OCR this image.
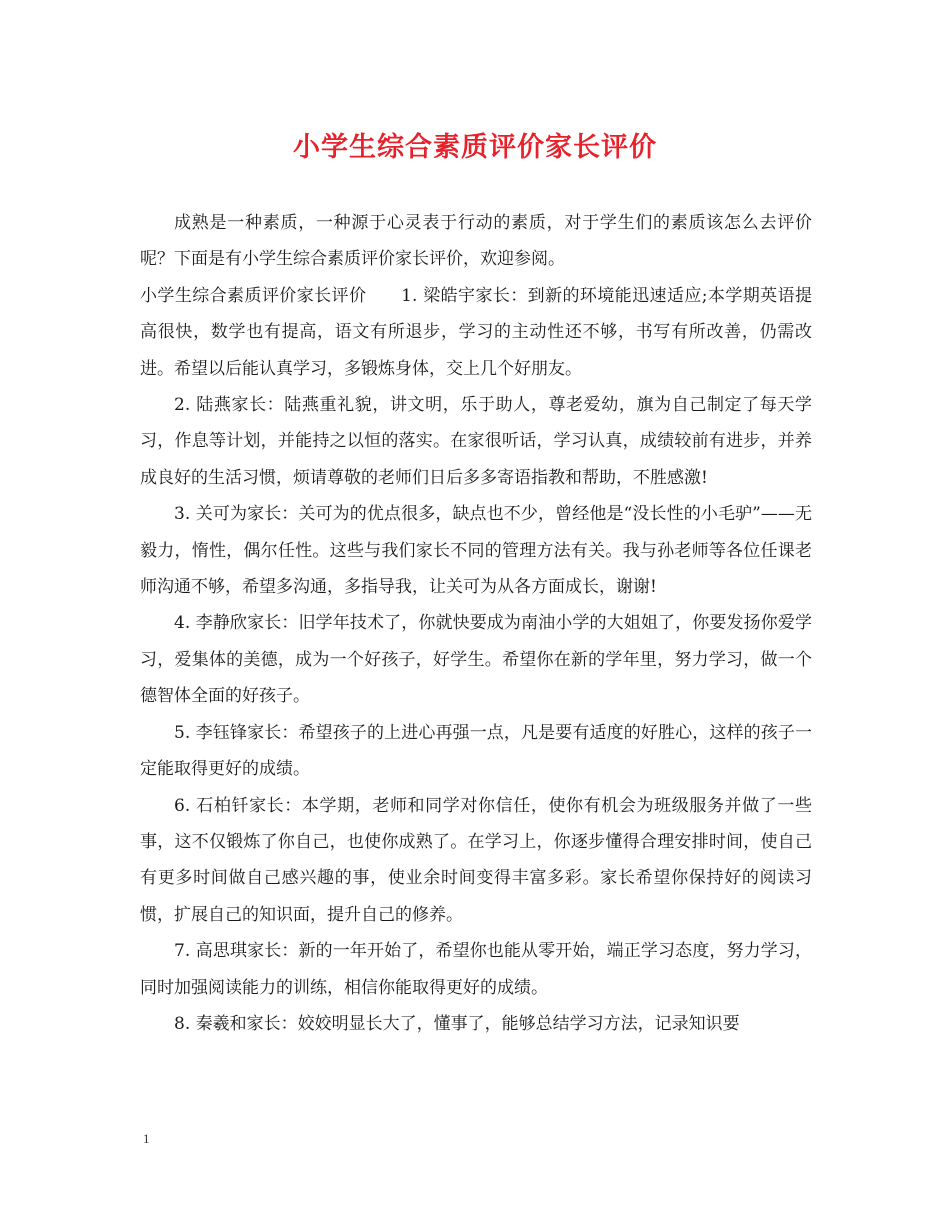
小学生综合素质评价家长评价

成熟是一种素质，一种源于心灵表于行动的素质，对于学生们的素质该怎么去评价呢？下面是有小学生综合素质评价家长评价，欢迎参阅。

小学生综合素质评价家长评价　　1. 梁皓宇家长：到新的环境能迅速适应;本学期英语提高很快，数学也有提高，语文有所退步，学习的主动性还不够，书写有所改善，仍需改进。希望以后能认真学习，多锻炼身体，交上几个好朋友。

2. 陆燕家长：陆燕重礼貌，讲文明，乐于助人，尊老爱幼，旗为自己制定了每天学习，作息等计划，并能持之以恒的落实。在家很听话，学习认真，成绩较前有进步，并养成良好的生活习惯，烦请尊敬的老师们日后多多寄语指教和帮助，不胜感激!

3. 关可为家长：关可为的优点很多，缺点也不少，曾经他是“没长性的小毛驴”——无毅力，惰性，偶尔任性。这些与我们家长不同的管理方法有关。我与孙老师等各位任课老师沟通不够，希望多沟通，多指导我，让关可为从各方面成长，谢谢!

4. 李静欣家长：旧学年技术了，你就快要成为南油小学的大姐姐了，你要发扬你爱学习，爱集体的美德，成为一个好孩子，好学生。希望你在新的学年里，努力学习，做一个德智体全面的好孩子。

5. 李钰锋家长：希望孩子的上进心再强一点，凡是要有适度的好胜心，这样的孩子一定能取得更好的成绩。

6. 石柏钎家长：本学期，老师和同学对你信任，使你有机会为班级服务并做了一些事，这不仅锻炼了你自己，也使你成熟了。在学习上，你逐步懂得合理安排时间，使自己有更多时间做自己感兴趣的事，使业余时间变得丰富多彩。家长希望你保持好的阅读习惯，扩展自己的知识面，提升自己的修养。

7. 高思琪家长：新的一年开始了，希望你也能从零开始，端正学习态度，努力学习，同时加强阅读能力的训练，相信你能取得更好的成绩。

8. 秦羲和家长：姣姣明显长大了，懂事了，能够总结学习方法，记录知识要

1
